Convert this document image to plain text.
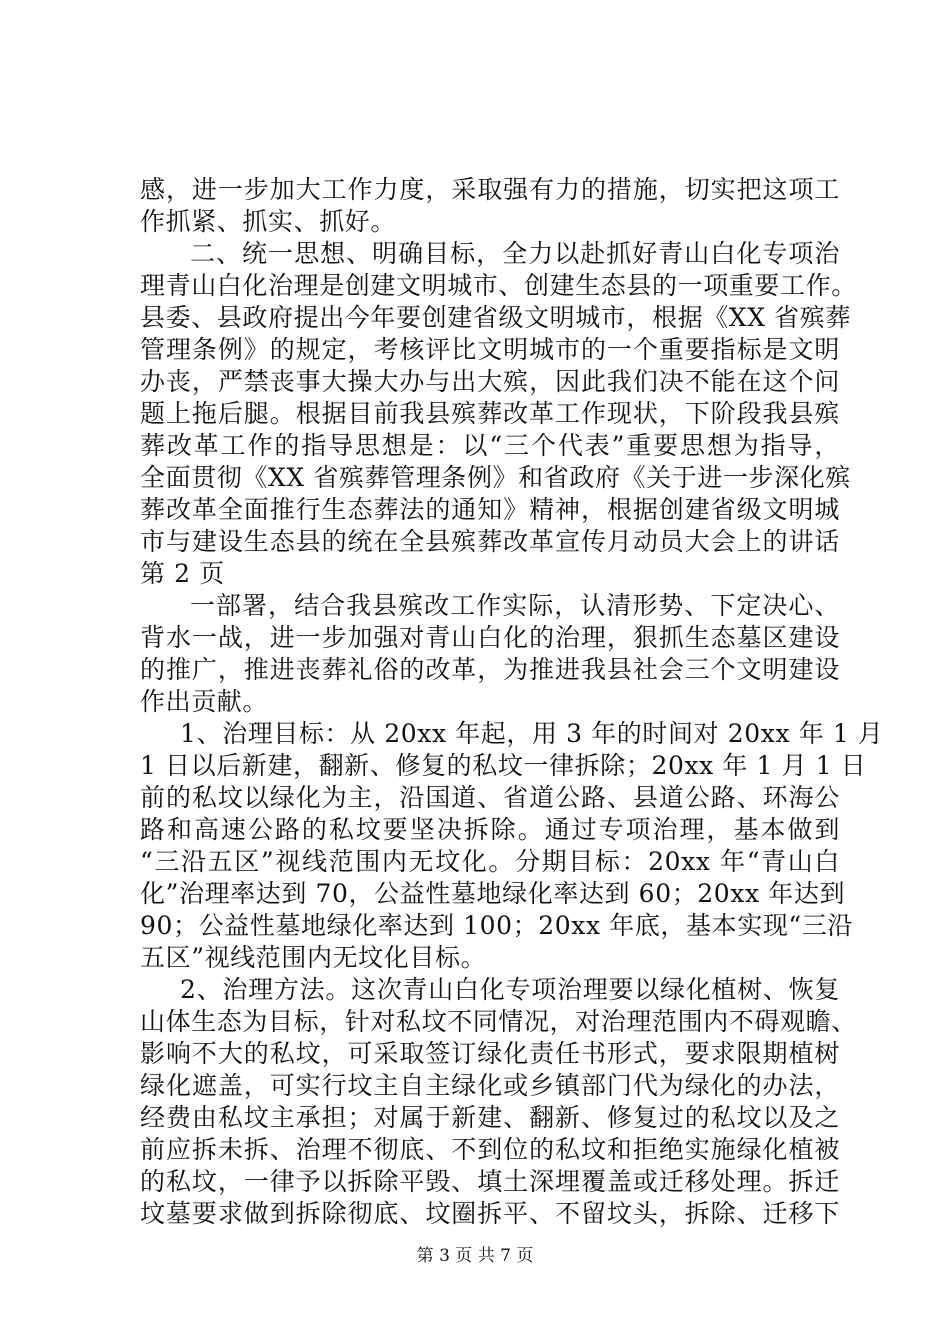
感，进一步加大工作力度，采取强有力的措施，切实把这项工
作抓紧、抓实、抓好。
二、统一思想、明确目标，全力以赴抓好青山白化专项治
理青山白化治理是创建文明城市、创建生态县的一项重要工作。
县委、县政府提出今年要创建省级文明城市，根据《XX 省殡葬
管理条例》的规定，考核评比文明城市的一个重要指标是文明
办丧，严禁丧事大操大办与出大殡，因此我们决不能在这个问
题上拖后腿。根据目前我县殡葬改革工作现状，下阶段我县殡
葬改革工作的指导思想是：以“三个代表”重要思想为指导，
全面贯彻《XX 省殡葬管理条例》和省政府《关于进一步深化殡
葬改革全面推行生态葬法的通知》精神，根据创建省级文明城
市与建设生态县的统在全县殡葬改革宣传月动员大会上的讲话
第 2 页
一部署，结合我县殡改工作实际，认清形势、下定决心、
背水一战，进一步加强对青山白化的治理，狠抓生态墓区建设
的推广，推进丧葬礼俗的改革，为推进我县社会三个文明建设
作出贡献。
1、治理目标：从 20xx 年起，用 3 年的时间对 20xx 年 1 月
1 日以后新建，翻新、修复的私坟一律拆除；20xx 年 1 月 1 日
前的私坟以绿化为主，沿国道、省道公路、县道公路、环海公
路和高速公路的私坟要坚决拆除。通过专项治理，基本做到
“三沿五区”视线范围内无坟化。分期目标：20xx 年“青山白
化”治理率达到 70，公益性墓地绿化率达到 60；20xx 年达到
90；公益性墓地绿化率达到 100；20xx 年底，基本实现“三沿
五区”视线范围内无坟化目标。
2、治理方法。这次青山白化专项治理要以绿化植树、恢复
山体生态为目标，针对私坟不同情况，对治理范围内不碍观瞻、
影响不大的私坟，可采取签订绿化责任书形式，要求限期植树
绿化遮盖，可实行坟主自主绿化或乡镇部门代为绿化的办法，
经费由私坟主承担；对属于新建、翻新、修复过的私坟以及之
前应拆未拆、治理不彻底、不到位的私坟和拒绝实施绿化植被
的私坟，一律予以拆除平毁、填土深埋覆盖或迁移处理。拆迁
坟墓要求做到拆除彻底、坟圈拆平、不留坟头，拆除、迁移下
第 3 页 共 7 页
